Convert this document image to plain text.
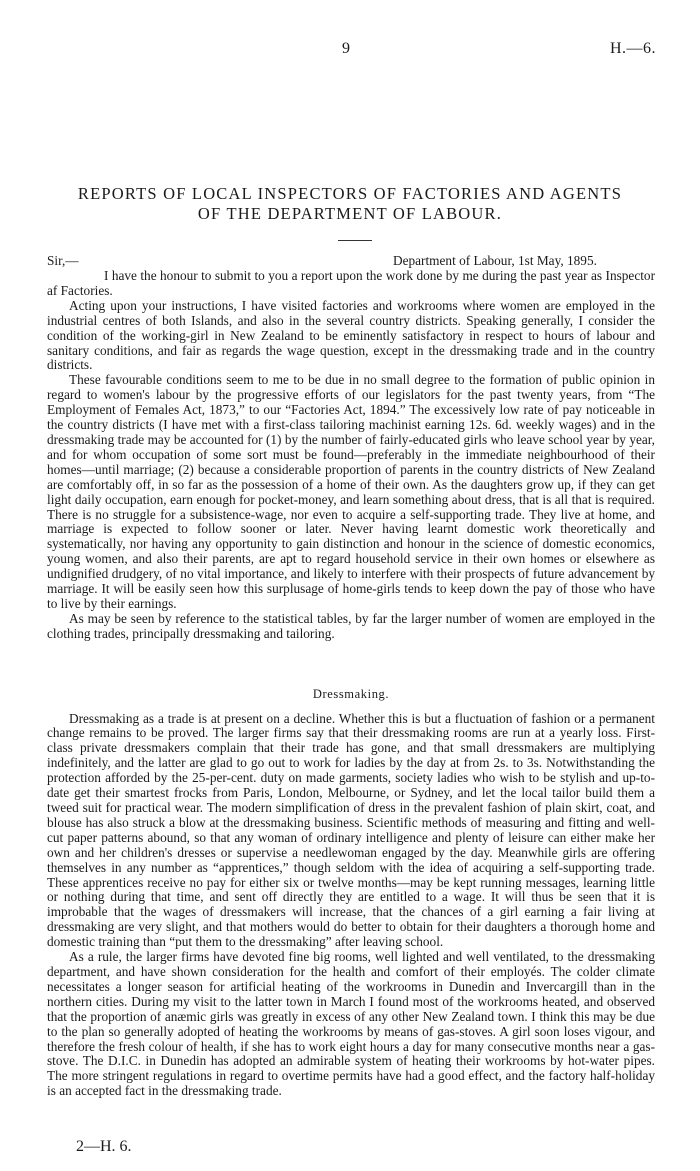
9	H.—6.
REPORTS OF LOCAL INSPECTORS OF FACTORIES AND AGENTS
OF THE DEPARTMENT OF LABOUR.
Sir,—	Department of Labour, 1st May, 1895.

I have the honour to submit to you a report upon the work done by me during the past year as Inspector af Factories.

Acting upon your instructions, I have visited factories and workrooms where women are employed in the industrial centres of both Islands, and also in the several country districts. Speaking generally, I consider the condition of the working-girl in New Zealand to be eminently satisfactory in respect to hours of labour and sanitary conditions, and fair as regards the wage question, except in the dressmaking trade and in the country districts.

These favourable conditions seem to me to be due in no small degree to the formation of public opinion in regard to women's labour by the progressive efforts of our legislators for the past twenty years, from “The Employment of Females Act, 1873,” to our “Factories Act, 1894.” The excessively low rate of pay noticeable in the country districts (I have met with a first-class tailoring machinist earning 12s. 6d. weekly wages) and in the dressmaking trade may be accounted for (1) by the number of fairly-educated girls who leave school year by year, and for whom occupation of some sort must be found—preferably in the immediate neighbourhood of their homes—until marriage; (2) because a considerable proportion of parents in the country districts of New Zealand are comfortably off, in so far as the possession of a home of their own. As the daughters grow up, if they can get light daily occupation, earn enough for pocket-money, and learn something about dress, that is all that is required. There is no struggle for a subsistence-wage, nor even to acquire a self-supporting trade. They live at home, and marriage is expected to follow sooner or later. Never having learnt domestic work theoretically and systematically, nor having any opportunity to gain distinction and honour in the science of domestic economics, young women, and also their parents, are apt to regard household service in their own homes or elsewhere as undignified drudgery, of no vital importance, and likely to interfere with their prospects of future advancement by marriage. It will be easily seen how this surplusage of home-girls tends to keep down the pay of those who have to live by their earnings.

As may be seen by reference to the statistical tables, by far the larger number of women are employed in the clothing trades, principally dressmaking and tailoring.

Dressmaking.

Dressmaking as a trade is at present on a decline. Whether this is but a fluctuation of fashion or a permanent change remains to be proved. The larger firms say that their dressmaking rooms are run at a yearly loss. First-class private dressmakers complain that their trade has gone, and that small dressmakers are multiplying indefinitely, and the latter are glad to go out to work for ladies by the day at from 2s. to 3s. Notwithstanding the protection afforded by the 25-per-cent. duty on made garments, society ladies who wish to be stylish and up-to-date get their smartest frocks from Paris, London, Melbourne, or Sydney, and let the local tailor build them a tweed suit for practical wear. The modern simplification of dress in the prevalent fashion of plain skirt, coat, and blouse has also struck a blow at the dressmaking business. Scientific methods of measuring and fitting and well-cut paper patterns abound, so that any woman of ordinary intelligence and plenty of leisure can either make her own and her children's dresses or supervise a needlewoman engaged by the day. Meanwhile girls are offering themselves in any number as “apprentices,” though seldom with the idea of acquiring a self-supporting trade. These apprentices receive no pay for either six or twelve months—may be kept running messages, learning little or nothing during that time, and sent off directly they are entitled to a wage. It will thus be seen that it is improbable that the wages of dressmakers will increase, that the chances of a girl earning a fair living at dressmaking are very slight, and that mothers would do better to obtain for their daughters a thorough home and domestic training than “put them to the dressmaking” after leaving school.

As a rule, the larger firms have devoted fine big rooms, well lighted and well ventilated, to the dressmaking department, and have shown consideration for the health and comfort of their employés. The colder climate necessitates a longer season for artificial heating of the workrooms in Dunedin and Invercargill than in the northern cities. During my visit to the latter town in March I found most of the workrooms heated, and observed that the proportion of anæmic girls was greatly in excess of any other New Zealand town. I think this may be due to the plan so generally adopted of heating the workrooms by means of gas-stoves. A girl soon loses vigour, and therefore the fresh colour of health, if she has to work eight hours a day for many consecutive months near a gas-stove. The D.I.C. in Dunedin has adopted an admirable system of heating their workrooms by hot-water pipes. The more stringent regulations in regard to overtime permits have had a good effect, and the factory half-holiday is an accepted fact in the dressmaking trade.

2—H. 6.
